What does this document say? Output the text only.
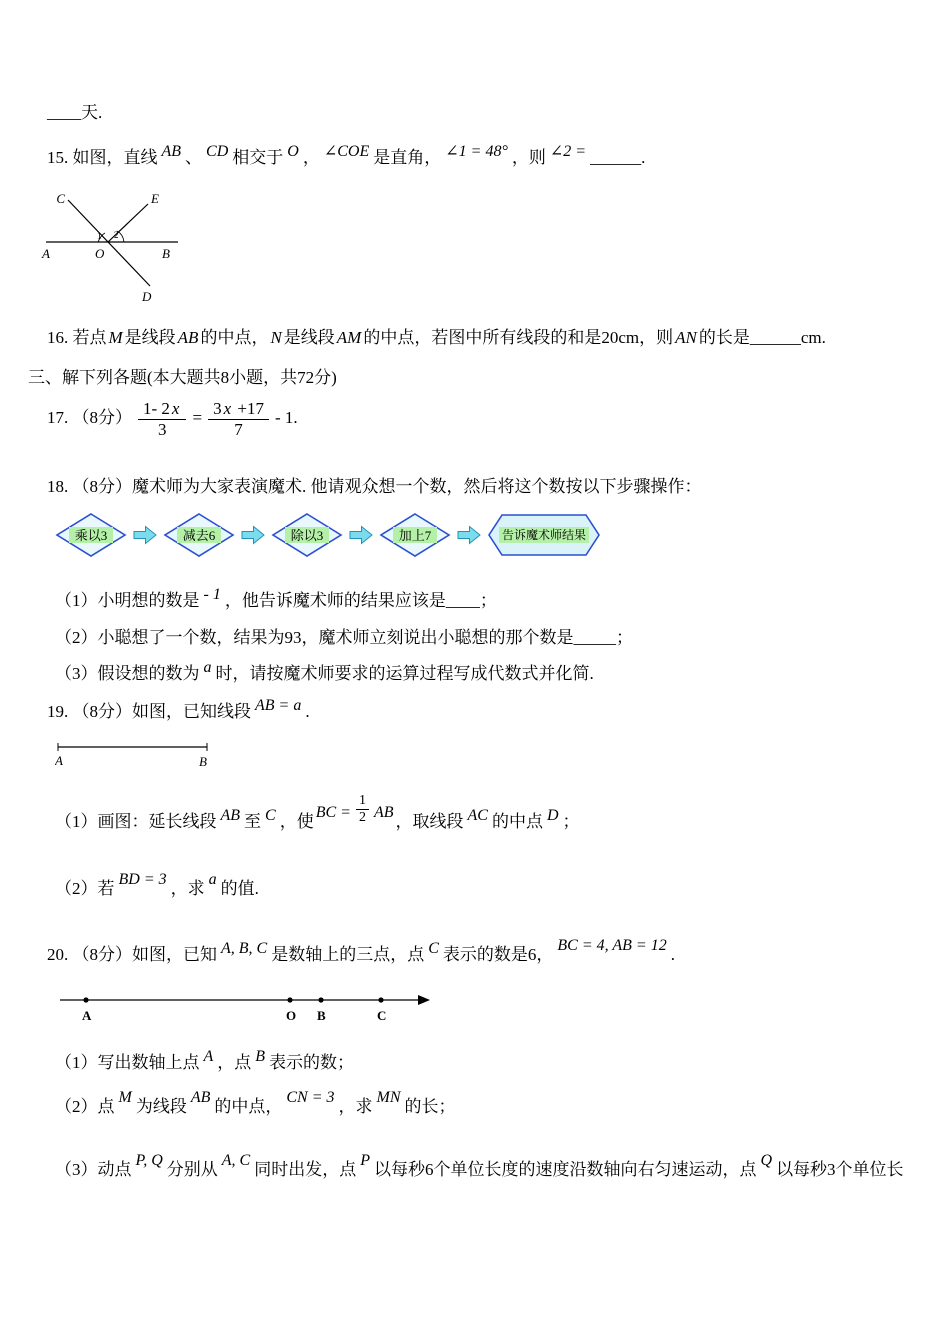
____天.
15. 如图，直线 AB 、 CD 相交于 O ， ∠COE 是直角， ∠1 = 48° ，则 ∠2 = ______.
C	E
A	O	B
D
1 2
16. 若点 M 是线段 AB 的中点， N 是线段 AM 的中点，若图中所有线段的和是20cm，则 AN 的长是______cm.
三、解下列各题(本大题共8小题，共72分)
17. （8分） $\frac{1- 2 x}{3} = \frac{3 x +17}{7} - 1$.
18. （8分）魔术师为大家表演魔术. 他请观众想一个数，然后将这个数按以下步骤操作：
乘以3	减去6	除以3	加上7	告诉魔术师结果
（1）小明想的数是 - 1 ，他告诉魔术师的结果应该是____；
（2）小聪想了一个数，结果为93，魔术师立刻说出小聪想的那个数是_____；
（3）假设想的数为 a 时，请按魔术师要求的运算过程写成代数式并化简.
19. （8分）如图，已知线段 AB = a .
A	B
（1）画图：延长线段 AB 至 C ，使 BC = $\frac{1}{2}$ AB ，取线段 AC 的中点 D ；
（2）若 BD = 3 ，求 a 的值.
20. （8分）如图，已知 A, B, C 是数轴上的三点，点 C 表示的数是6， BC = 4, AB = 12 .
A	O B	C
（1）写出数轴上点 A ，点 B 表示的数；
（2）点 M 为线段 AB 的中点， CN = 3 ，求 MN 的长；
（3）动点 P, Q 分别从 A, C 同时出发，点 P 以每秒6个单位长度的速度沿数轴向右匀速运动，点 Q 以每秒3个单位长
